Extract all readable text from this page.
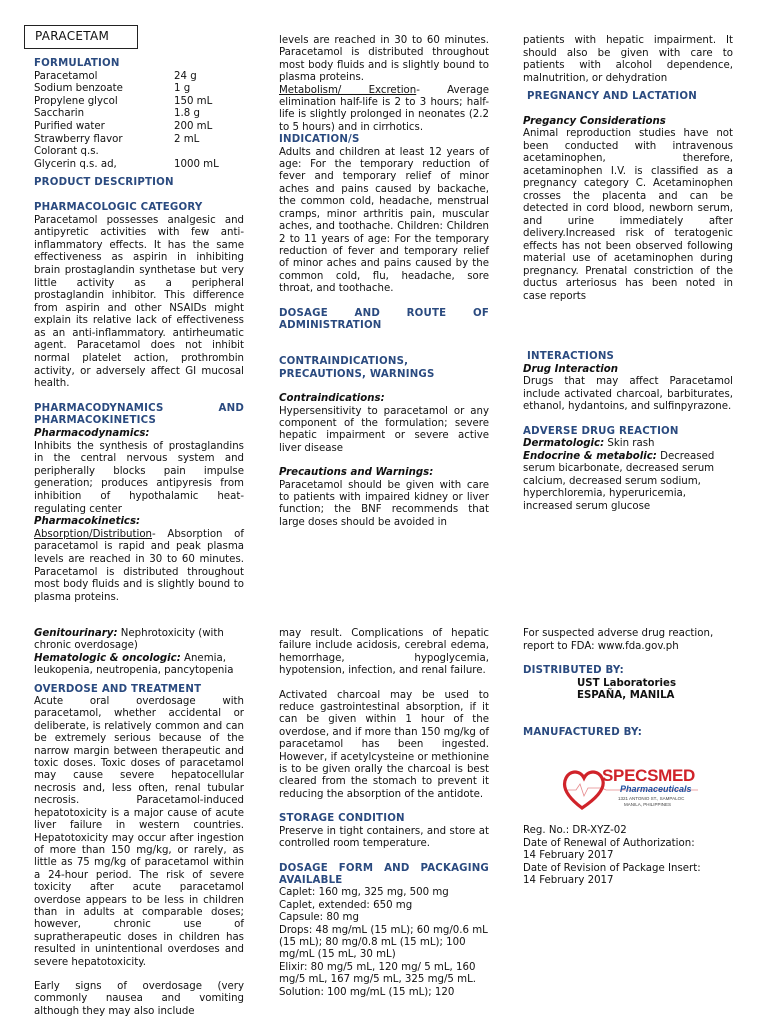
PARACETAM
FORMULATION
Paracetamol	24 g
Sodium benzoate	1 g
Propylene glycol	150 mL
Saccharin	1.8 g
Purified water	200 mL
Strawberry flavor	2 mL
Colorant q.s.	
Glycerin q.s. ad,	1000 mL
PRODUCT DESCRIPTION
PHARMACOLOGIC CATEGORY

Paracetamol possesses analgesic and antipyretic activities with few anti-inflammatory effects. It has the same effectiveness as aspirin in inhibiting brain prostaglandin synthetase but very little activity as a peripheral prostaglandin inhibitor. This difference from aspirin and other NSAIDs might explain its relative lack of effectiveness as an anti-inflammatory. antirheumatic agent. Paracetamol does not inhibit normal platelet action, prothrombin activity, or adversely affect GI mucosal health.

PHARMACODYNAMICS AND PHARMACOKINETICS
Pharmacodynamics:

Inhibits the synthesis of prostaglandins in the central nervous system and peripherally blocks pain impulse generation; produces antipyresis from inhibition of hypothalamic heat-regulating center

Pharmacokinetics:

Absorption/Distribution- Absorption of paracetamol is rapid and peak plasma levels are reached in 30 to 60 minutes. Paracetamol is distributed throughout most body fluids and is slightly bound to plasma proteins.

levels are reached in 30 to 60 minutes. Paracetamol is distributed throughout most body fluids and is slightly bound to plasma proteins.

Metabolism/ Excretion- Average elimination half-life is 2 to 3 hours; half-life is slightly prolonged in neonates (2.2 to 5 hours) and in cirrhotics.

INDICATION/S

Adults and children at least 12 years of age: For the temporary reduction of fever and temporary relief of minor aches and pains caused by backache, the common cold, headache, menstrual cramps, minor arthritis pain, muscular aches, and toothache. Children: Children 2 to 11 years of age: For the temporary reduction of fever and temporary relief of minor aches and pains caused by the common cold, flu, headache, sore throat, and toothache.

DOSAGE AND ROUTE OF ADMINISTRATION
CONTRAINDICATIONS, PRECAUTIONS, WARNINGS
Contraindications:

Hypersensitivity to paracetamol or any component of the formulation; severe hepatic impairment or severe active liver disease

Precautions and Warnings:

Paracetamol should be given with care to patients with impaired kidney or liver function; the BNF recommends that large doses should be avoided in

patients with hepatic impairment. It should also be given with care to patients with alcohol dependence, malnutrition, or dehydration

PREGNANCY AND LACTATION
Pregancy Considerations

Animal reproduction studies have not been conducted with intravenous acetaminophen, therefore, acetaminophen I.V. is classified as a pregnancy category C. Acetaminophen crosses the placenta and can be detected in cord blood, newborn serum, and urine immediately after delivery.Increased risk of teratogenic effects has not been observed following material use of acetaminophen during pregnancy. Prenatal constriction of the ductus arteriosus has been noted in case reports

INTERACTIONS
Drug Interaction

Drugs that may affect Paracetamol include activated charcoal, barbiturates, ethanol, hydantoins, and sulfinpyrazone.

ADVERSE DRUG REACTION

Dermatologic: Skin rash

Endocrine & metabolic: Decreased serum bicarbonate, decreased serum calcium, decreased serum sodium, hyperchloremia, hyperuricemia, increased serum glucose

Genitourinary: Nephrotoxicity (with chronic overdosage)

Hematologic & oncologic: Anemia, leukopenia, neutropenia, pancytopenia

OVERDOSE AND TREATMENT

Acute oral overdosage with paracetamol, whether accidental or deliberate, is relatively common and can be extremely serious because of the narrow margin between therapeutic and toxic doses. Toxic doses of paracetamol may cause severe hepatocellular necrosis and, less often, renal tubular necrosis. Paracetamol-induced hepatotoxicity is a major cause of acute liver failure in western countries. Hepatotoxicity may occur after ingestion of more than 150 mg/kg, or rarely, as little as 75 mg/kg of paracetamol within a 24-hour period. The risk of severe toxicity after acute paracetamol overdose appears to be less in children than in adults at comparable doses; however, chronic use of supratherapeutic doses in children has resulted in unintentional overdoses and severe hepatotoxicity.

Early signs of overdosage (very commonly nausea and vomiting although they may also include

may result. Complications of hepatic failure include acidosis, cerebral edema, hemorrhage, hypoglycemia, hypotension, infection, and renal failure.

Activated charcoal may be used to reduce gastrointestinal absorption, if it can be given within 1 hour of the overdose, and if more than 150 mg/kg of paracetamol has been ingested. However, if acetylcysteine or methionine is to be given orally the charcoal is best cleared from the stomach to prevent it reducing the absorption of the antidote.

STORAGE CONDITION

Preserve in tight containers, and store at controlled room temperature.

DOSAGE FORM AND PACKAGING AVAILABLE

Caplet: 160 mg, 325 mg, 500 mg

Caplet, extended: 650 mg

Capsule: 80 mg

Drops: 48 mg/mL (15 mL); 60 mg/0.6 mL (15 mL); 80 mg/0.8 mL (15 mL); 100 mg/mL (15 mL, 30 mL)

Elixir: 80 mg/5 mL, 120 mg/ 5 mL, 160 mg/5 mL, 167 mg/5 mL, 325 mg/5 mL.

Solution: 100 mg/mL (15 mL); 120

For suspected adverse drug reaction, report to FDA: www.fda.gov.ph

DISTRIBUTED BY:
UST Laboratories
ESPAÑA, MANILA
MANUFACTURED BY:
SPECSMED
Pharmaceuticals
1321 ANTONIO ST., SAMPALOC
MANILA, PHILIPPINES
Reg. No.: DR-XYZ-02
Date of Renewal of Authorization:
14 February 2017
Date of Revision of Package Insert:
14 February 2017
